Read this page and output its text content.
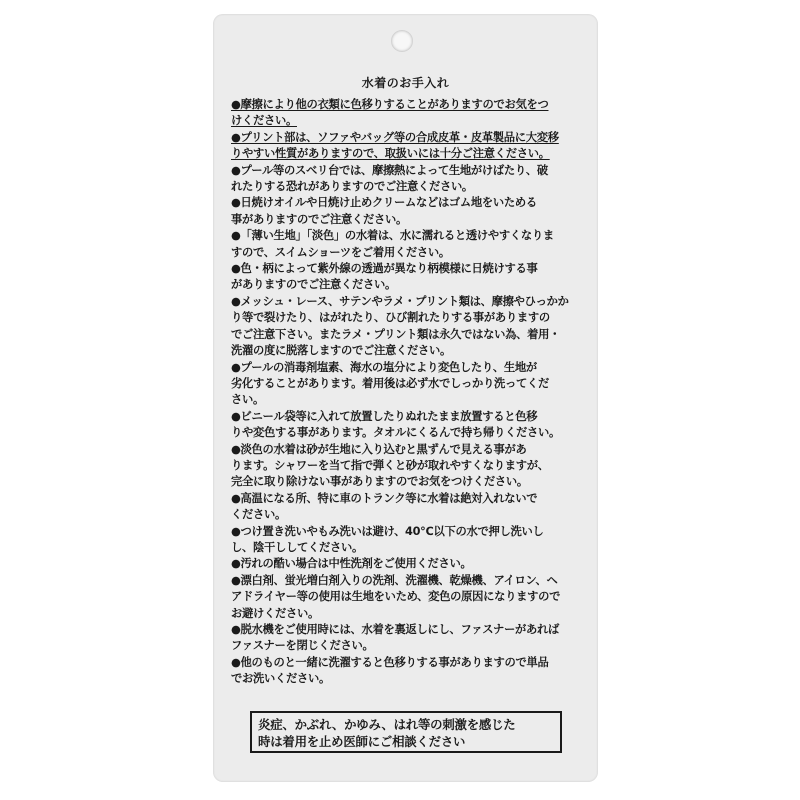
水着のお手入れ

●摩擦により他の衣類に色移りすることがありますのでお気をつ
けください。

●プリント部は、ソファやバッグ等の合成皮革・皮革製品に大変移
りやすい性質がありますので、取扱いには十分ご注意ください。

●プール等のスベリ台では、摩擦熱によって生地がけばたり、破
れたりする恐れがありますのでご注意ください。

●日焼けオイルや日焼け止めクリームなどはゴム地をいためる
事がありますのでご注意ください。

●「薄い生地」「淡色」の水着は、水に濡れると透けやすくなりま
すので、スイムショーツをご着用ください。

●色・柄によって紫外線の透過が異なり柄模様に日焼けする事
がありますのでご注意ください。

●メッシュ・レース、サテンやラメ・プリント類は、摩擦やひっかか
り等で裂けたり、はがれたり、ひび割れたりする事がありますの
でご注意下さい。またラメ・プリント類は永久ではない為、着用・
洗濯の度に脱落しますのでご注意ください。

●プールの消毒剤塩素、海水の塩分により変色したり、生地が
劣化することがあります。着用後は必ず水でしっかり洗ってくだ
さい。

●ビニール袋等に入れて放置したりぬれたまま放置すると色移
りや変色する事があります。タオルにくるんで持ち帰りください。

●淡色の水着は砂が生地に入り込むと黒ずんで見える事があ
ります。シャワーを当て指で弾くと砂が取れやすくなりますが、
完全に取り除けない事がありますのでお気をつけください。

●高温になる所、特に車のトランク等に水着は絶対入れないで
ください。

●つけ置き洗いやもみ洗いは避け、40℃以下の水で押し洗いし
し、陰干ししてください。

●汚れの酷い場合は中性洗剤をご使用ください。

●漂白剤、蛍光増白剤入りの洗剤、洗濯機、乾燥機、アイロン、ヘ
アドライヤー等の使用は生地をいため、変色の原因になりますので
お避けください。

●脱水機をご使用時には、水着を裏返しにし、ファスナーがあれば
ファスナーを閉じください。

●他のものと一緒に洗濯すると色移りする事がありますので単品
でお洗いください。

炎症、かぶれ、かゆみ、はれ等の刺激を感じた
時は着用を止め医師にご相談ください
